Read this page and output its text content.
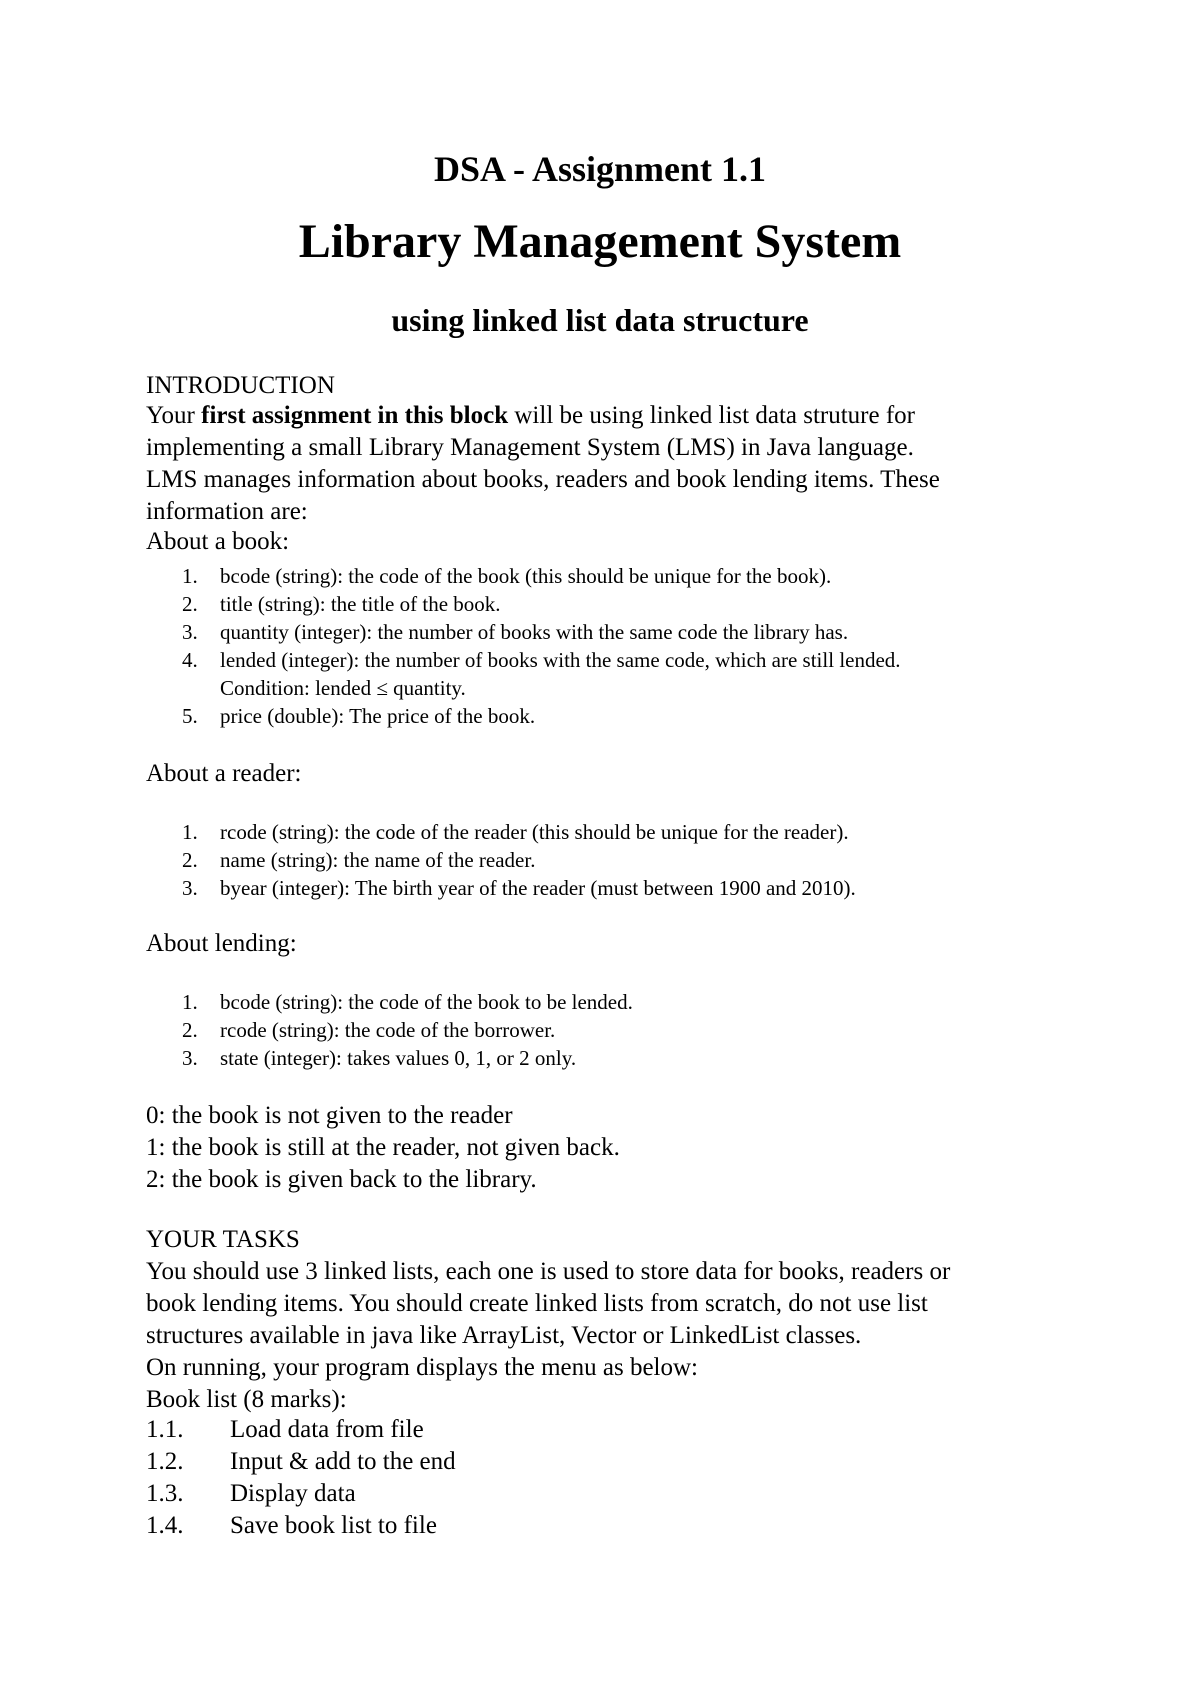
DSA - Assignment 1.1
Library Management System
using linked list data structure
INTRODUCTION
Your first assignment in this block will be using linked list data struture for
implementing a small Library Management System (LMS) in Java language.
LMS manages information about books, readers and book lending items. These
information are:
About a book:
1. bcode (string): the code of the book (this should be unique for the book).
2. title (string): the title of the book.
3. quantity (integer): the number of books with the same code the library has.
4. lended (integer): the number of books with the same code, which are still lended.
Condition: lended ≤ quantity.
5. price (double): The price of the book.
About a reader:
1. rcode (string): the code of the reader (this should be unique for the reader).
2. name (string): the name of the reader.
3. byear (integer): The birth year of the reader (must between 1900 and 2010).
About lending:
1. bcode (string): the code of the book to be lended.
2. rcode (string): the code of the borrower.
3. state (integer): takes values 0, 1, or 2 only.
0: the book is not given to the reader
1: the book is still at the reader, not given back.
2: the book is given back to the library.
YOUR TASKS
You should use 3 linked lists, each one is used to store data for books, readers or
book lending items. You should create linked lists from scratch, do not use list
structures available in java like ArrayList, Vector or LinkedList classes.
On running, your program displays the menu as below:
Book list (8 marks):
1.1. Load data from file
1.2. Input & add to the end
1.3. Display data
1.4. Save book list to file
